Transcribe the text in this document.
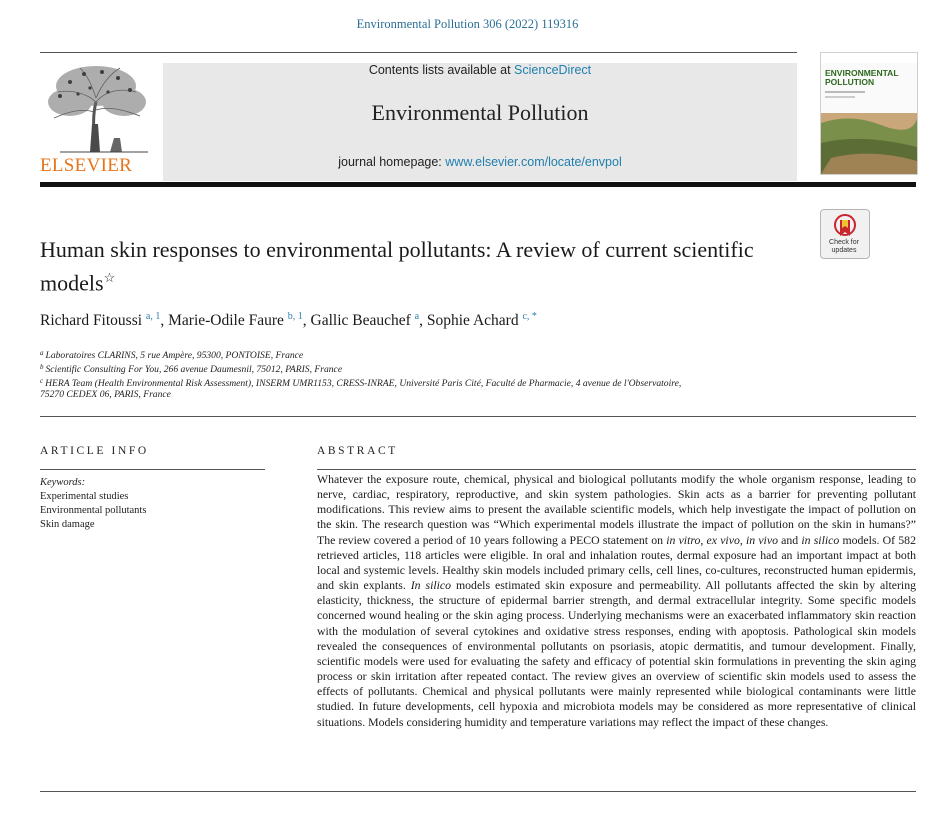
Environmental Pollution 306 (2022) 119316
ELSEVIER
Contents lists available at ScienceDirect
Environmental Pollution
journal homepage: www.elsevier.com/locate/envpol
ENVIRONMENTAL
POLLUTION
Check for
updates
Human skin responses to environmental pollutants: A review of current scientific models☆
Richard Fitoussi $^{a, 1}$, Marie-Odile Faure $^{b, 1}$, Gallic Beauchef $^a$, Sophie Achard $^{c, *}$
$^a$ Laboratoires CLARINS, 5 rue Ampère, 95300, PONTOISE, France
$^b$ Scientific Consulting For You, 266 avenue Daumesnil, 75012, PARIS, France
$^c$ HERA Team (Health Environmental Risk Assessment), INSERM UMR1153, CRESS-INRAE, Université Paris Cité, Faculté de Pharmacie, 4 avenue de l'Observatoire,
75270 CEDEX 06, PARIS, France
ARTICLE INFO
Keywords:
Experimental studies
Environmental pollutants
Skin damage
ABSTRACT
Whatever the exposure route, chemical, physical and biological pollutants modify the whole organism response, leading to nerve, cardiac, respiratory, reproductive, and skin system pathologies. Skin acts as a barrier for preventing pollutant modifications. This review aims to present the available scientific models, which help investigate the impact of pollution on the skin. The research question was “Which experimental models illustrate the impact of pollution on the skin in humans?” The review covered a period of 10 years following a PECO statement on in vitro, ex vivo, in vivo and in silico models. Of 582 retrieved articles, 118 articles were eligible. In oral and inhalation routes, dermal exposure had an important impact at both local and systemic levels. Healthy skin models included primary cells, cell lines, co-cultures, reconstructed human epidermis, and skin explants. In silico models estimated skin exposure and permeability. All pollutants affected the skin by altering elasticity, thickness, the structure of epidermal barrier strength, and dermal extracellular integrity. Some specific models concerned wound healing or the skin aging process. Underlying mechanisms were an exacerbated inflammatory skin reaction with the modulation of several cytokines and oxidative stress responses, ending with apoptosis. Pathological skin models revealed the consequences of environmental pollutants on psoriasis, atopic dermatitis, and tumour development. Finally, scientific models were used for evaluating the safety and efficacy of potential skin formulations in preventing the skin aging process or skin irritation after repeated contact. The review gives an overview of scientific skin models used to assess the effects of pollutants. Chemical and physical pollutants were mainly represented while biological contaminants were little studied. In future developments, cell hypoxia and microbiota models may be considered as more representative of clinical situations. Models considering humidity and temperature variations may reflect the impact of these changes.
